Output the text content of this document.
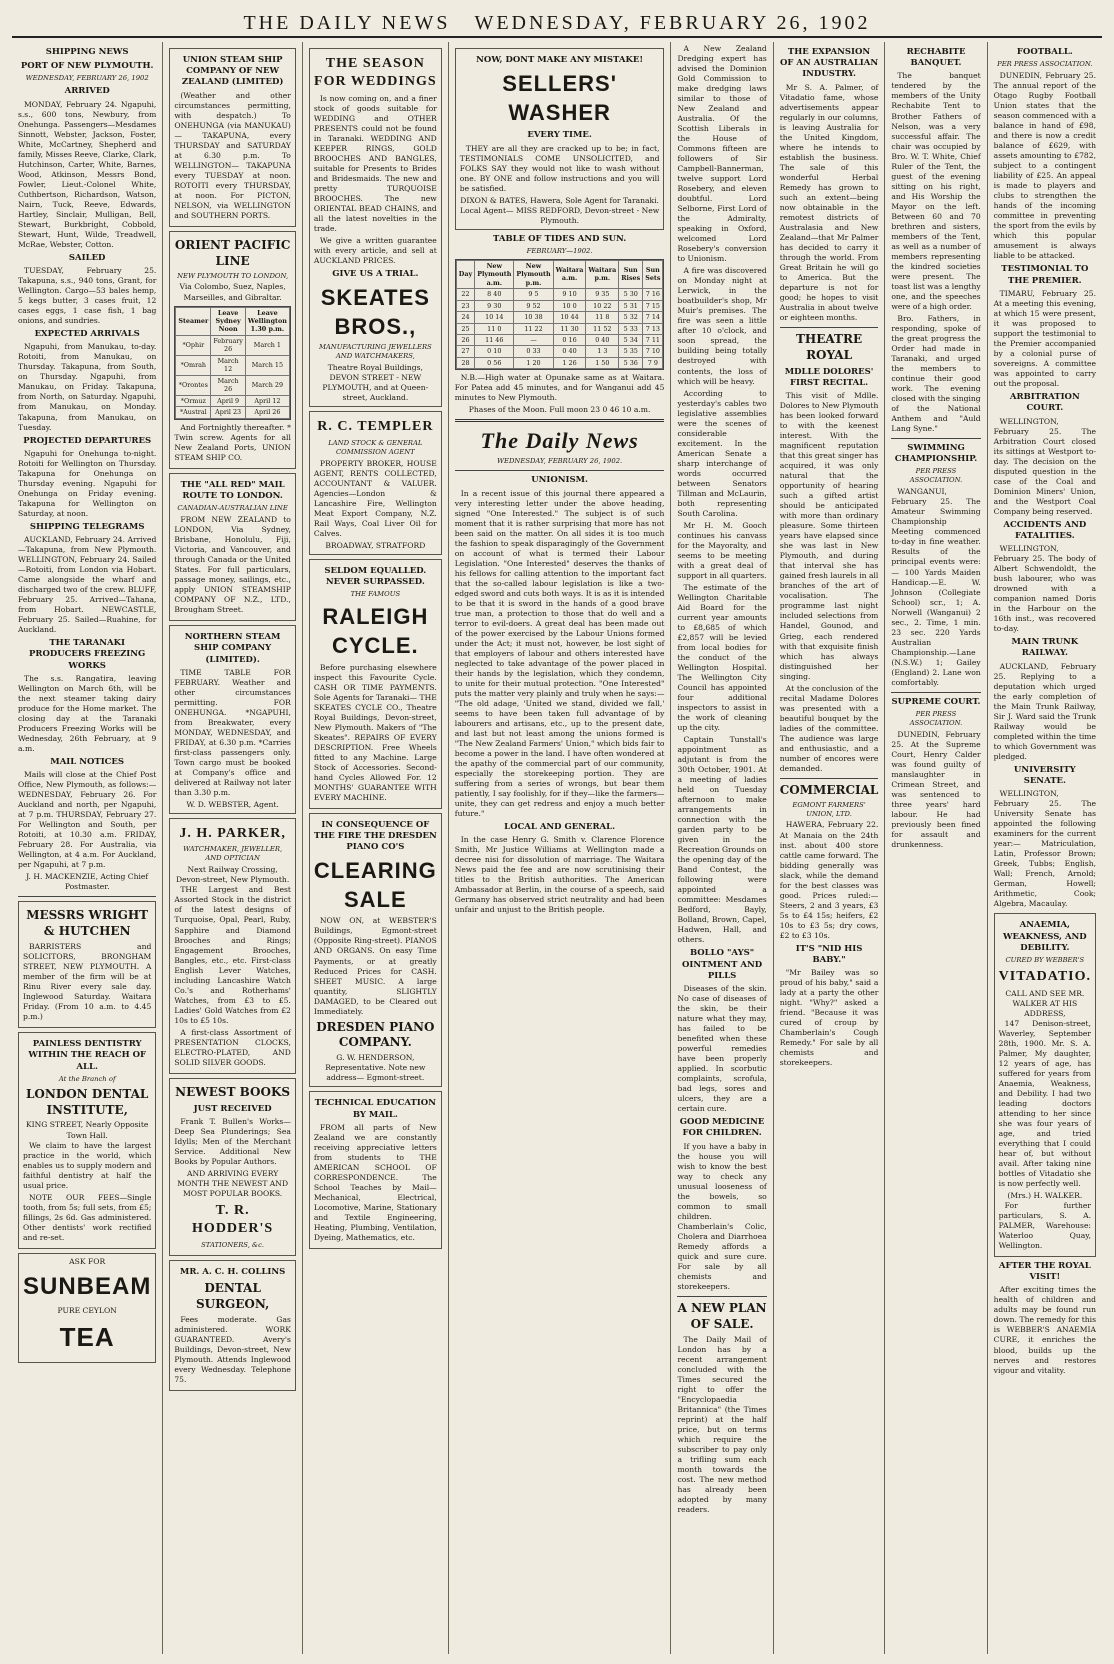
THE DAILY NEWS WEDNESDAY, FEBRUARY 26, 1902
SHIPPING NEWS
PORT OF NEW PLYMOUTH.
WEDNESDAY, FEBRUARY 26, 1902
ARRIVED

MONDAY, February 24. Ngapuhi, s.s., 600 tons, Newbury, from Onehunga. Passengers—Mesdames Sinnott, Webster, Jackson, Foster, White, McCartney, Shepherd and family, Misses Reeve, Clarke, Clark, Hutchinson, Carter, White, Barnes, Wood, Atkinson, Messrs Bond, Fowler, Lieut.-Colonel White, Cuthbertson, Richardson, Watson, Nairn, Tuck, Reeve, Edwards, Hartley, Sinclair, Mulligan, Bell, Stewart, Burkbright, Cobbold, Stewart, Hunt, Wilde, Treadwell, McRae, Webster, Cotton.

SAILED

TUESDAY, February 25. Takapuna, s.s., 940 tons, Grant, for Wellington. Cargo—53 bales hemp, 5 kegs butter, 3 cases fruit, 12 cases eggs, 1 case fish, 1 bag onions, and sundries.

EXPECTED ARRIVALS

Ngapuhi, from Manukau, to-day. Rotoiti, from Manukau, on Thursday. Takapuna, from South, on Thursday. Ngapuhi, from Manukau, on Friday. Takapuna, from North, on Saturday. Ngapuhi, from Manukau, on Monday. Takapuna, from Manukau, on Tuesday.

PROJECTED DEPARTURES

Ngapuhi for Onehunga to-night. Rotoiti for Wellington on Thursday. Takapuna for Onehunga on Thursday evening. Ngapuhi for Onehunga on Friday evening. Takapuna for Wellington on Saturday, at noon.

SHIPPING TELEGRAMS

AUCKLAND, February 24. Arrived—Takapuna, from New Plymouth. WELLINGTON, February 24. Sailed—Rotoiti, from London via Hobart. Came alongside the wharf and discharged two of the crew. BLUFF, February 25. Arrived—Tahana, from Hobart. NEWCASTLE, February 25. Sailed—Ruahine, for Auckland.

THE TARANAKI PRODUCERS FREEZING WORKS

The s.s. Rangatira, leaving Wellington on March 6th, will be the next steamer taking dairy produce for the Home market. The closing day at the Taranaki Producers Freezing Works will be Wednesday, 26th February, at 9 a.m.

MAIL NOTICES

Mails will close at the Chief Post Office, New Plymouth, as follows:— WEDNESDAY, February 26. For Auckland and north, per Ngapuhi, at 7 p.m. THURSDAY, February 27. For Wellington and South, per Rotoiti, at 10.30 a.m. FRIDAY, February 28. For Australia, via Wellington, at 4 a.m. For Auckland, per Ngapuhi, at 7 p.m.

J. H. MACKENZIE, Acting Chief Postmaster.
MESSRS WRIGHT & HUTCHEN

BARRISTERS and SOLICITORS, BRONGHAM STREET, NEW PLYMOUTH. A member of the firm will be at Rinu River every sale day. Inglewood Saturday. Waitara Friday. (From 10 a.m. to 4.45 p.m.)

PAINLESS DENTISTRY WITHIN THE REACH OF ALL.
At the Branch of
LONDON DENTAL INSTITUTE,
KING STREET, Nearly Opposite Town Hall.

We claim to have the largest practice in the world, which enables us to supply modern and faithful dentistry at half the usual price.

NOTE OUR FEES—Single tooth, from 5s; full sets, from £5; fillings, 2s 6d. Gas administered. Other dentists' work rectified and re-set.

ASK FOR
SUNBEAM
PURE CEYLON
TEA
UNION STEAM SHIP COMPANY OF NEW ZEALAND (LIMITED)

(Weather and other circumstances permitting, with despatch.) To ONEHUNGA (via MANUKAU)— TAKAPUNA, every THURSDAY and SATURDAY at 6.30 p.m. To WELLINGTON— TAKAPUNA every TUESDAY at noon. ROTOITI every THURSDAY, at noon. For PICTON, NELSON, via WELLINGTON and SOUTHERN PORTS.

ORIENT PACIFIC LINE
NEW PLYMOUTH TO LONDON,
Via Colombo, Suez, Naples, Marseilles, and Gibraltar.
Steamer	Leave Sydney Noon	Leave Wellington 1.30 p.m.
*Ophir	February 26	March 1
*Omrah	March 12	March 15
*Orontes	March 26	March 29
*Ormuz	April 9	April 12
*Austral	April 23	April 26

And Fortnightly thereafter. * Twin screw. Agents for all New Zealand Ports, UNION STEAM SHIP CO.

THE "ALL RED" MAIL ROUTE TO LONDON.
CANADIAN-AUSTRALIAN LINE

FROM NEW ZEALAND to LONDON, Via Sydney, Brisbane, Honolulu, Fiji, Victoria, and Vancouver, and through Canada or the United States. For full particulars, passage money, sailings, etc., apply UNION STEAMSHIP COMPANY OF N.Z., LTD., Brougham Street.

NORTHERN STEAM SHIP COMPANY (LIMITED).

TIME TABLE FOR FEBRUARY. Weather and other circumstances permitting. FOR ONEHUNGA. *NGAPUHI, from Breakwater, every MONDAY, WEDNESDAY, and FRIDAY, at 6.30 p.m. *Carries first-class passengers only. Town cargo must be booked at Company's office and delivered at Railway not later than 3.30 p.m.

W. D. WEBSTER, Agent.
J. H. PARKER,
WATCHMAKER, JEWELLER, AND OPTICIAN
Next Railway Crossing, Devon-street, New Plymouth.

THE Largest and Best Assorted Stock in the district of the latest designs of Turquoise, Opal, Pearl, Ruby, Sapphire and Diamond Brooches and Rings; Engagement Brooches, Bangles, etc., etc. First-class English Lever Watches, including Lancashire Watch Co.'s and Rotherhams' Watches, from £3 to £5. Ladies' Gold Watches from £2 10s to £5 10s.

A first-class Assortment of PRESENTATION CLOCKS, ELECTRO-PLATED, AND SOLID SILVER GOODS.

NEWEST BOOKS
JUST RECEIVED

Frank T. Bullen's Works—Deep Sea Plunderings; Sea Idylls; Men of the Merchant Service. Additional New Books by Popular Authors.

AND ARRIVING EVERY MONTH THE NEWEST AND MOST POPULAR BOOKS.
T. R. HODDER'S
STATIONERS, &c.
MR. A. C. H. COLLINS
DENTAL SURGEON,

Fees moderate. Gas administered. WORK GUARANTEED. Avery's Buildings, Devon-street, New Plymouth. Attends Inglewood every Wednesday. Telephone 75.

THE SEASON FOR WEDDINGS

Is now coming on, and a finer stock of goods suitable for WEDDING and OTHER PRESENTS could not be found in Taranaki. WEDDING AND KEEPER RINGS, GOLD BROOCHES AND BANGLES, suitable for Presents to Brides and Bridesmaids. The new and pretty TURQUOISE BROOCHES. The new ORIENTAL BEAD CHAINS, and all the latest novelties in the trade.

We give a written guarantee with every article, and sell at AUCKLAND PRICES.

GIVE US A TRIAL.
SKEATES BROS.,
MANUFACTURING JEWELLERS AND WATCHMAKERS,
Theatre Royal Buildings, DEVON STREET - NEW PLYMOUTH, and at Queen-street, Auckland.
R. C. TEMPLER
LAND STOCK & GENERAL COMMISSION AGENT

PROPERTY BROKER, HOUSE AGENT, RENTS COLLECTED, ACCOUNTANT & VALUER. Agencies—London & Lancashire Fire, Wellington Meat Export Company, N.Z. Rail Ways, Coal Liver Oil for Calves.

BROADWAY, STRATFORD
SELDOM EQUALLED. NEVER SURPASSED.
THE FAMOUS
RALEIGH CYCLE.

Before purchasing elsewhere inspect this Favourite Cycle. CASH OR TIME PAYMENTS. Sole Agents for Taranaki— THE SKEATES CYCLE CO., Theatre Royal Buildings, Devon-street, New Plymouth. Makers of "The Skeates". REPAIRS OF EVERY DESCRIPTION. Free Wheels fitted to any Machine. Large Stock of Accessories. Second-hand Cycles Allowed For. 12 MONTHS' GUARANTEE WITH EVERY MACHINE.

IN CONSEQUENCE OF THE FIRE THE DRESDEN PIANO CO'S
CLEARING SALE

NOW ON, at WEBSTER'S Buildings, Egmont-street (Opposite Ring-street). PIANOS AND ORGANS. On easy Time Payments, or at greatly Reduced Prices for CASH. SHEET MUSIC. A large quantity, SLIGHTLY DAMAGED, to be Cleared out Immediately.

DRESDEN PIANO COMPANY.
G. W. HENDERSON, Representative. Note new address— Egmont-street.
TECHNICAL EDUCATION BY MAIL.

FROM all parts of New Zealand we are constantly receiving appreciative letters from students to THE AMERICAN SCHOOL OF CORRESPONDENCE. The School Teaches by Mail— Mechanical, Electrical, Locomotive, Marine, Stationary and Textile Engineering, Heating, Plumbing, Ventilation, Dyeing, Mathematics, etc.

NOW, DONT MAKE ANY MISTAKE!
SELLERS' WASHER
EVERY TIME.

THEY are all they are cracked up to be; in fact, TESTIMONIALS COME UNSOLICITED, and FOLKS SAY they would not like to wash without one. BY ONE and follow instructions and you will be satisfied.

DIXON & BATES, Hawera, Sole Agent for Taranaki.
Local Agent— MISS REDFORD, Devon-street - New Plymouth.
TABLE OF TIDES AND SUN.
FEBRUARY—1902.
Day	New Plymouth a.m.	New Plymouth p.m.	Waitara a.m.	Waitara p.m.	Sun Rises	Sun Sets
22	8 40	9 5	9 10	9 35	5 30	7 16
23	9 30	9 52	10 0	10 22	5 31	7 15
24	10 14	10 38	10 44	11 8	5 32	7 14
25	11 0	11 22	11 30	11 52	5 33	7 13
26	11 46	—	0 16	0 40	5 34	7 11
27	0 10	0 33	0 40	1 3	5 35	7 10
28	0 56	1 20	1 26	1 50	5 36	7 9

N.B.—High water at Opunake same as at Waitara. For Patea add 45 minutes, and for Wanganui add 45 minutes to New Plymouth.

Phases of the Moon. Full moon 23 0 46 10 a.m.
The Daily News
WEDNESDAY, FEBRUARY 26, 1902.
UNIONISM.

In a recent issue of this journal there appeared a very interesting letter under the above heading, signed "One Interested." The subject is of such moment that it is rather surprising that more has not been said on the matter. On all sides it is too much the fashion to speak disparagingly of the Government on account of what is termed their Labour Legislation. "One Interested" deserves the thanks of his fellows for calling attention to the important fact that the so-called labour legislation is like a two-edged sword and cuts both ways. It is as it is intended to be that it is sword in the hands of a good brave true man, a protection to those that do well and a terror to evil-doers. A great deal has been made out of the power exercised by the Labour Unions formed under the Act; it must not, however, be lost sight of that employers of labour and others interested have neglected to take advantage of the power placed in their hands by the legislation, which they condemn, to unite for their mutual protection. "One Interested" puts the matter very plainly and truly when he says:— "The old adage, 'United we stand, divided we fall,' seems to have been taken full advantage of by labourers and artisans, etc., up to the present date, and last but not least among the unions formed is "The New Zealand Farmers' Union," which bids fair to become a power in the land. I have often wondered at the apathy of the commercial part of our community, especially the storekeeping portion. They are suffering from a series of wrongs, but bear them patiently, I say foolishly, for if they—like the farmers—unite, they can get redress and enjoy a much better future."

LOCAL AND GENERAL.

In the case Henry G. Smith v. Clarence Florence Smith, Mr Justice Williams at Wellington made a decree nisi for dissolution of marriage. The Waitara News paid the fee and are now scrutinising their titles to the British authorities. The American Ambassador at Berlin, in the course of a speech, said Germany has observed strict neutrality and had been unfair and unjust to the British people.

A New Zealand Dredging expert has advised the Dominion Gold Commission to make dredging laws similar to those of New Zealand and Australia. Of the Scottish Liberals in the House of Commons fifteen are followers of Sir Campbell-Bannerman, twelve support Lord Rosebery, and eleven doubtful. Lord Selborne, First Lord of the Admiralty, speaking in Oxford, welcomed Lord Rosebery's conversion to Unionism.

A fire was discovered on Monday night at Lerwick, in the boatbuilder's shop, Mr Muir's premises. The fire was seen a little after 10 o'clock, and soon spread, the building being totally destroyed with contents, the loss of which will be heavy.

According to yesterday's cables two legislative assemblies were the scenes of considerable excitement. In the American Senate a sharp interchange of words occurred between Senators Tillman and McLaurin, both representing South Carolina.

Mr H. M. Gooch continues his canvass for the Mayoralty, and seems to be meeting with a great deal of support in all quarters.

The estimate of the Wellington Charitable Aid Board for the current year amounts to £8,685 of which £2,857 will be levied from local bodies for the conduct of the Wellington Hospital. The Wellington City Council has appointed four additional inspectors to assist in the work of cleaning up the city.

Captain Tunstall's appointment as adjutant is from the 30th October, 1901. At a meeting of ladies held on Tuesday afternoon to make arrangements in connection with the garden party to be given in the Recreation Grounds on the opening day of the Band Contest, the following were appointed a committee: Mesdames Bedford, Bayly, Bolland, Brown, Capel, Hadwen, Hall, and others.

BOLLO "AYS" OINTMENT AND PILLS

Diseases of the skin. No case of diseases of the skin, be their nature what they may, has failed to be benefited when these powerful remedies have been properly applied. In scorbutic complaints, scrofula, bad legs, sores and ulcers, they are a certain cure.

GOOD MEDICINE FOR CHILDREN.

If you have a baby in the house you will wish to know the best way to check any unusual looseness of the bowels, so common to small children. Chamberlain's Colic, Cholera and Diarrhoea Remedy affords a quick and sure cure. For sale by all chemists and storekeepers.

A NEW PLAN OF SALE.

The Daily Mail of London has by a recent arrangement concluded with the Times secured the right to offer the "Encyclopaedia Britannica" (the Times reprint) at the half price, but on terms which require the subscriber to pay only a trifling sum each month towards the cost. The new method has already been adopted by many readers.

THE EXPANSION OF AN AUSTRALIAN INDUSTRY.

Mr S. A. Palmer, of Vitadatio fame, whose advertisements appear regularly in our columns, is leaving Australia for the United Kingdom, where he intends to establish the business. The sale of this wonderful Herbal Remedy has grown to such an extent—being now obtainable in the remotest districts of Australasia and New Zealand—that Mr Palmer has decided to carry it through the world. From Great Britain he will go to America. But the departure is not for good; he hopes to visit Australia in about twelve or eighteen months.

THEATRE ROYAL
MDLLE DOLORES' FIRST RECITAL.

This visit of Mdlle. Dolores to New Plymouth has been looked forward to with the keenest interest. With the magnificent reputation that this great singer has acquired, it was only natural that the opportunity of hearing such a gifted artist should be anticipated with more than ordinary pleasure. Some thirteen years have elapsed since she was last in New Plymouth, and during that interval she has gained fresh laurels in all branches of the art of vocalisation. The programme last night included selections from Handel, Gounod, and Grieg, each rendered with that exquisite finish which has always distinguished her singing.

At the conclusion of the recital Madame Dolores was presented with a beautiful bouquet by the ladies of the committee. The audience was large and enthusiastic, and a number of encores were demanded.

COMMERCIAL
EGMONT FARMERS' UNION, LTD.

HAWERA, February 22. At Manaia on the 24th inst. about 400 store cattle came forward. The bidding generally was slack, while the demand for the best classes was good. Prices ruled:— Steers, 2 and 3 years, £3 5s to £4 15s; heifers, £2 10s to £3 5s; dry cows, £2 to £3 10s.

IT'S "NID HIS BABY."

"Mr Bailey was so proud of his baby," said a lady at a party the other night. "Why?" asked a friend. "Because it was cured of croup by Chamberlain's Cough Remedy." For sale by all chemists and storekeepers.

RECHABITE BANQUET.

The banquet tendered by the members of the Unity Rechabite Tent to Brother Fathers of Nelson, was a very successful affair. The chair was occupied by Bro. W. T. White, Chief Ruler of the Tent, the guest of the evening sitting on his right, and His Worship the Mayor on the left. Between 60 and 70 brethren and sisters, members of the Tent, as well as a number of members representing the kindred societies were present. The toast list was a lengthy one, and the speeches were of a high order.

Bro. Fathers, in responding, spoke of the great progress the Order had made in Taranaki, and urged the members to continue their good work. The evening closed with the singing of the National Anthem and "Auld Lang Syne."

SWIMMING CHAMPIONSHIP.
PER PRESS ASSOCIATION.

WANGANUI, February 25. The Amateur Swimming Championship Meeting commenced to-day in fine weather. Results of the principal events were:— 100 Yards Maiden Handicap.—E. W. Johnson (Collegiate School) scr., 1; A. Norwell (Wanganui) 2 sec., 2. Time, 1 min. 23 sec. 220 Yards Australian Championship.—Lane (N.S.W.) 1; Gailey (England) 2. Lane won comfortably.

SUPREME COURT.
PER PRESS ASSOCIATION.

DUNEDIN, February 25. At the Supreme Court, Henry Calder was found guilty of manslaughter in Crimean Street, and was sentenced to three years' hard labour. He had previously been fined for assault and drunkenness.

FOOTBALL.
PER PRESS ASSOCIATION.

DUNEDIN, February 25. The annual report of the Otago Rugby Football Union states that the season commenced with a balance in hand of £98, and there is now a credit balance of £629, with assets amounting to £782, subject to a contingent liability of £25. An appeal is made to players and clubs to strengthen the hands of the incoming committee in preventing the sport from the evils by which this popular amusement is always liable to be attacked.

TESTIMONIAL TO THE PREMIER.

TIMARU, February 25. At a meeting this evening, at which 15 were present, it was proposed to support the testimonial to the Premier accompanied by a colonial purse of sovereigns. A committee was appointed to carry out the proposal.

ARBITRATION COURT.

WELLINGTON, February 25. The Arbitration Court closed its sittings at Westport to-day. The decision on the disputed question in the case of the Coal and Dominion Miners' Union, and the Westport Coal Company being reserved.

ACCIDENTS AND FATALITIES.

WELLINGTON, February 25. The body of Albert Schwendoldt, the bush labourer, who was drowned with a companion named Doris in the Harbour on the 16th inst., was recovered to-day.

MAIN TRUNK RAILWAY.

AUCKLAND, February 25. Replying to a deputation which urged the early completion of the Main Trunk Railway, Sir J. Ward said the Trunk Railway would be completed within the time to which Government was pledged.

UNIVERSITY SENATE.

WELLINGTON, February 25. The University Senate has appointed the following examiners for the current year:— Matriculation, Latin, Professor Brown; Greek, Tubbs; English, Wall; French, Arnold; German, Howell; Arithmetic, Cook; Algebra, Macaulay.

ANAEMIA, WEAKNESS, AND DEBILITY.
CURED BY WEBBER'S
VITADATIO.
CALL AND SEE MR. WALKER AT HIS ADDRESS,

147 Denison-street, Waverley, September 28th, 1900. Mr. S. A. Palmer, My daughter, 12 years of age, has suffered for years from Anaemia, Weakness, and Debility. I had two leading doctors attending to her since she was four years of age, and tried everything that I could hear of, but without avail. After taking nine bottles of Vitadatio she is now perfectly well.

(Mrs.) H. WALKER.

For further particulars, S. A. PALMER, Warehouse: Waterloo Quay, Wellington.

AFTER THE ROYAL VISIT!

After exciting times the health of children and adults may be found run down. The remedy for this is WEBBER'S ANAEMIA CURE, it enriches the blood, builds up the nerves and restores vigour and vitality.
